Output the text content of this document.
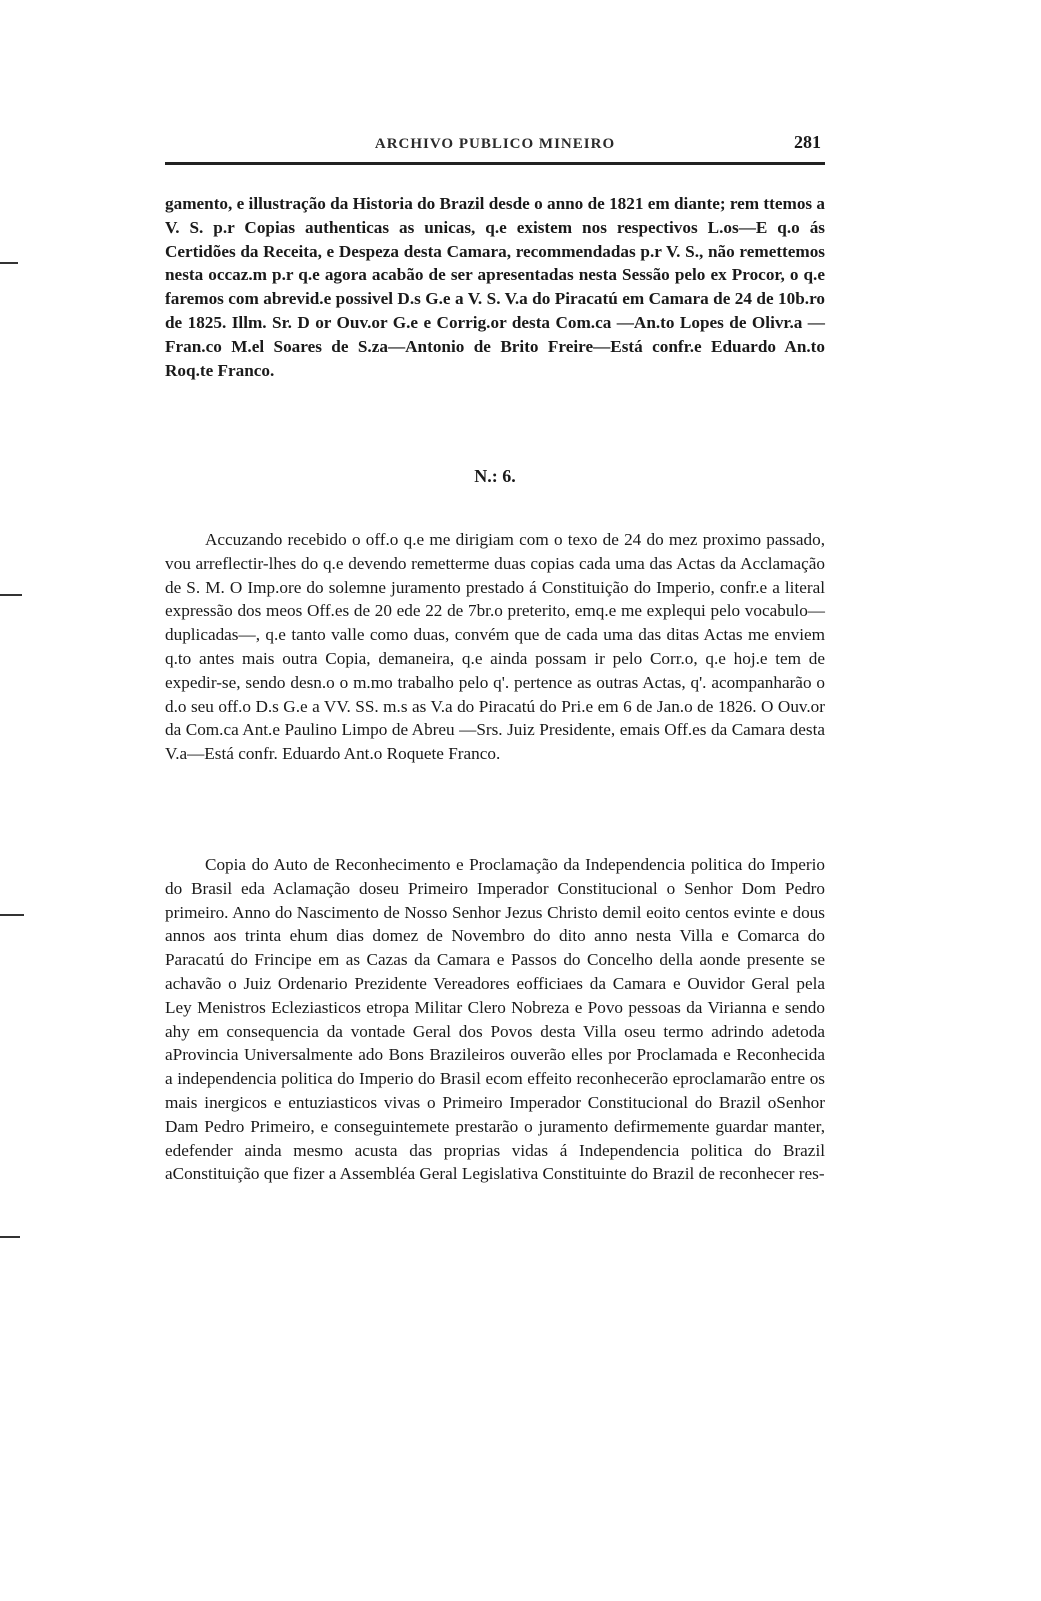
ARCHIVO PUBLICO MINEIRO	281
gamento, e illustração da Historia do Brazil desde o anno de 1821 em diante; rem ttemos a V. S. p.r Copias authenticas as unicas, q.e existem nos respectivos L.os—E q.o ás Certidões da Receita, e Despeza desta Camara, recommendadas p.r V. S., não remettemos nesta occaz.m p.r q.e agora acabão de ser apresentadas nesta Sessão pelo ex Procor, o q.e faremos com abrevid.e possivel D.s G.e a V. S. V.a do Piracatú em Camara de 24 de 10b.ro de 1825. Illm. Sr. D or Ouv.or G.e e Corrig.or desta Com.ca —An.to Lopes de Olivr.a —Fran.co M.el Soares de S.za—Antonio de Brito Freire—Está confr.e Eduardo An.to Roq.te Franco.
N.: 6.
Accuzando recebido o off.o q.e me dirigiam com o texo de 24 do mez proximo passado, vou arreflectir-lhes do q.e devendo remetterme duas copias cada uma das Actas da Acclamação de S. M. O Imp.ore do solemne juramento prestado á Constituição do Imperio, confr.e a literal expressão dos meos Off.es de 20 ede 22 de 7br.o preterito, emq.e me explequi pelo vocabulo—duplicadas—, q.e tanto valle como duas, convém que de cada uma das ditas Actas me enviem q.to antes mais outra Copia, demaneira, q.e ainda possam ir pelo Corr.o, q.e hoj.e tem de expedir-se, sendo desn.o o m.mo trabalho pelo q'. pertence as outras Actas, q'. acompanharão o d.o seu off.o D.s G.e a VV. SS. m.s as V.a do Piracatú do Pri.e em 6 de Jan.o de 1826. O Ouv.or da Com.ca Ant.e Paulino Limpo de Abreu —Srs. Juiz Presidente, emais Off.es da Camara desta V.a—Está confr. Eduardo Ant.o Roquete Franco.
Copia do Auto de Reconhecimento e Proclamação da Independencia politica do Imperio do Brasil eda Aclamação doseu Primeiro Imperador Constitucional o Senhor Dom Pedro primeiro. Anno do Nascimento de Nosso Senhor Jezus Christo demil eoito centos evinte e dous annos aos trinta ehum dias domez de Novembro do dito anno nesta Villa e Comarca do Paracatú do Frincipe em as Cazas da Camara e Passos do Concelho della aonde presente se achavão o Juiz Ordenario Prezidente Vereadores eofficiaes da Camara e Ouvidor Geral pela Ley Menistros Ecleziasticos etropa Militar Clero Nobreza e Povo pessoas da Virianna e sendo ahy em consequencia da vontade Geral dos Povos desta Villa oseu termo adrindo adetoda aProvincia Universalmente ado Bons Brazileiros ouverão elles por Proclamada e Reconhecida a independencia politica do Imperio do Brasil ecom effeito reconhecerão eproclamarão entre os mais inergicos e entuziasticos vivas o Primeiro Imperador Constitucional do Brazil oSenhor Dam Pedro Primeiro, e conseguintemete prestarão o juramento defirmemente guardar manter, edefender ainda mesmo acusta das proprias vidas á Independencia politica do Brazil aConstituição que fizer a Assembléa Geral Legislativa Constituinte do Brazil de reconhecer res-
